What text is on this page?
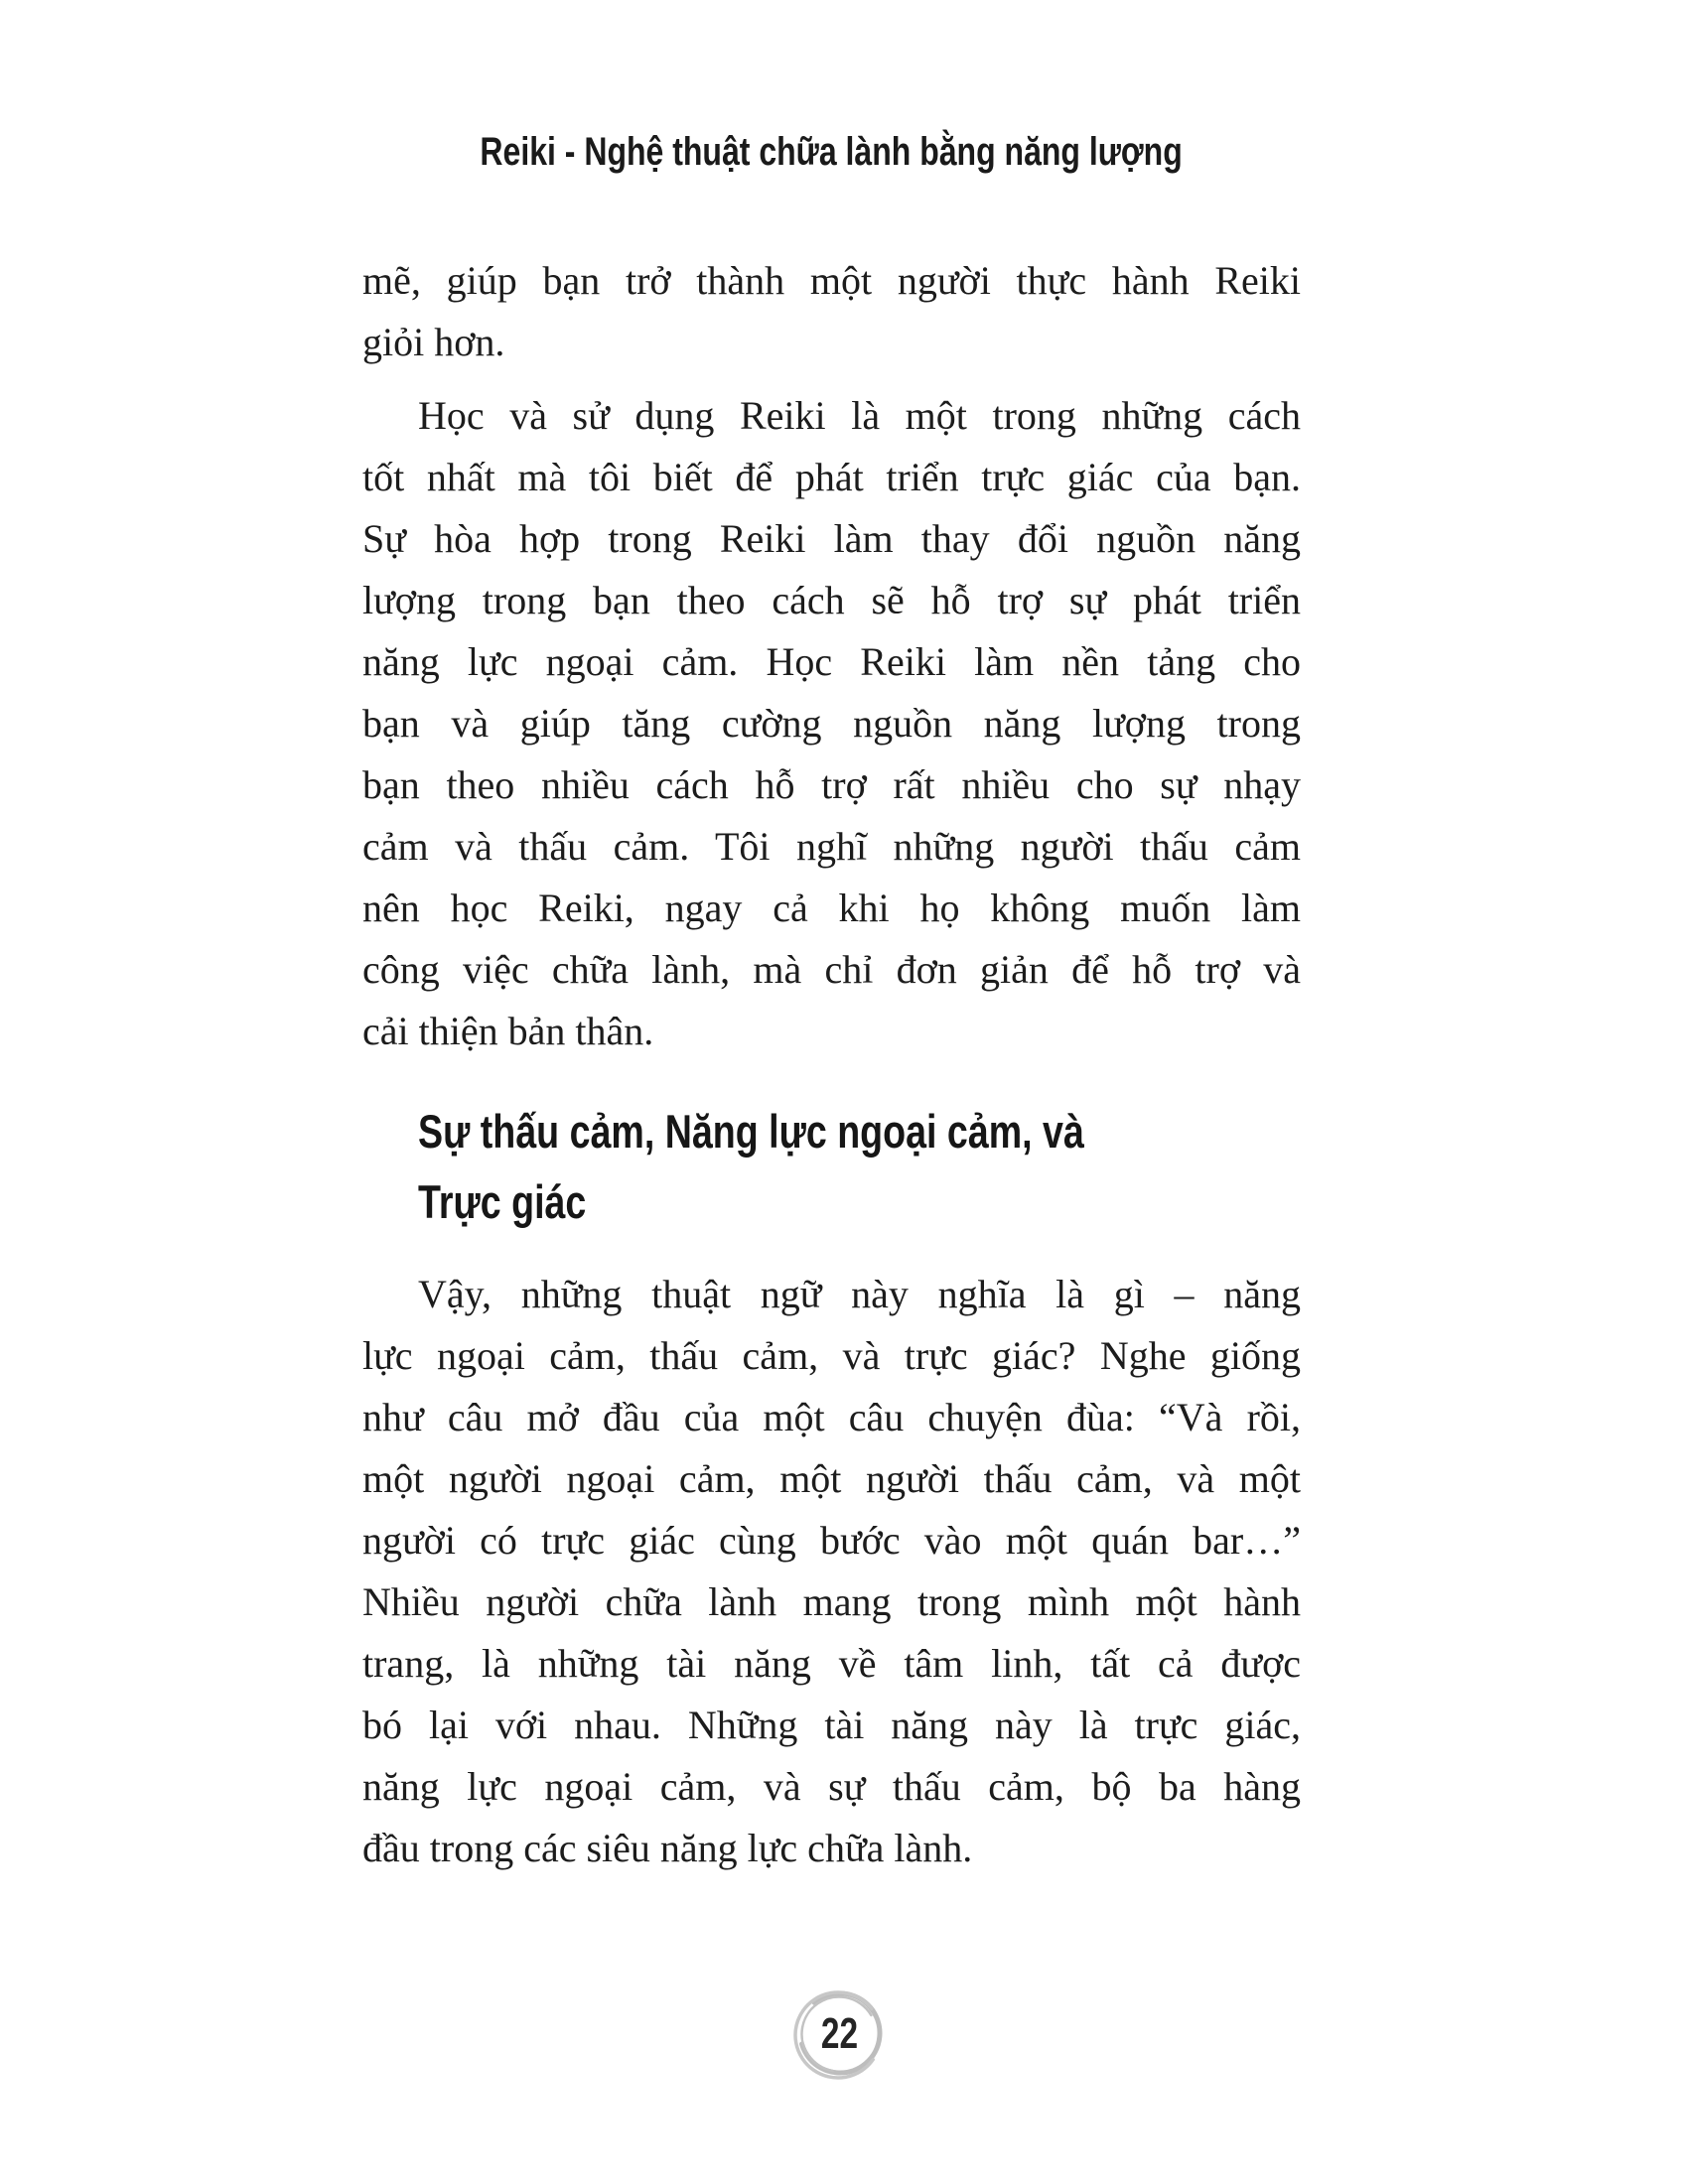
Reiki - Nghệ thuật chữa lành bằng năng lượng
mẽ, giúp bạn trở thành một người thực hành Reiki
giỏi hơn.
Học và sử dụng Reiki là một trong những cách
tốt nhất mà tôi biết để phát triển trực giác của bạn.
Sự hòa hợp trong Reiki làm thay đổi nguồn năng
lượng trong bạn theo cách sẽ hỗ trợ sự phát triển
năng lực ngoại cảm. Học Reiki làm nền tảng cho
bạn và giúp tăng cường nguồn năng lượng trong
bạn theo nhiều cách hỗ trợ rất nhiều cho sự nhạy
cảm và thấu cảm. Tôi nghĩ những người thấu cảm
nên học Reiki, ngay cả khi họ không muốn làm
công việc chữa lành, mà chỉ đơn giản để hỗ trợ và
cải thiện bản thân.
Sự thấu cảm, Năng lực ngoại cảm, và
Trực giác
Vậy, những thuật ngữ này nghĩa là gì – năng
lực ngoại cảm, thấu cảm, và trực giác? Nghe giống
như câu mở đầu của một câu chuyện đùa: “Và rồi,
một người ngoại cảm, một người thấu cảm, và một
người có trực giác cùng bước vào một quán bar…”
Nhiều người chữa lành mang trong mình một hành
trang, là những tài năng về tâm linh, tất cả được
bó lại với nhau. Những tài năng này là trực giác,
năng lực ngoại cảm, và sự thấu cảm, bộ ba hàng
đầu trong các siêu năng lực chữa lành.
22
